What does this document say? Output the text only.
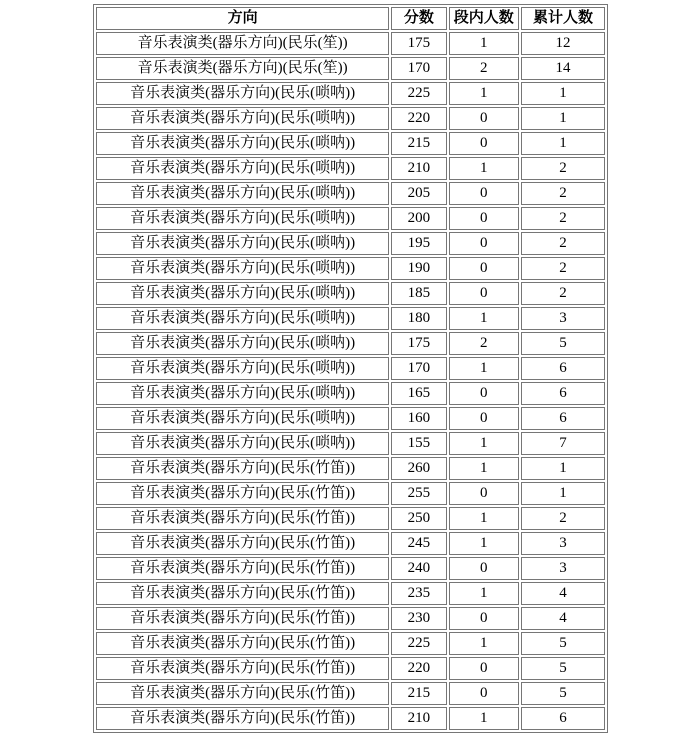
方向	分数	段内人数	累计人数
音乐表演类(器乐方向)(民乐(笙))	175	1	12
音乐表演类(器乐方向)(民乐(笙))	170	2	14
音乐表演类(器乐方向)(民乐(唢呐))	225	1	1
音乐表演类(器乐方向)(民乐(唢呐))	220	0	1
音乐表演类(器乐方向)(民乐(唢呐))	215	0	1
音乐表演类(器乐方向)(民乐(唢呐))	210	1	2
音乐表演类(器乐方向)(民乐(唢呐))	205	0	2
音乐表演类(器乐方向)(民乐(唢呐))	200	0	2
音乐表演类(器乐方向)(民乐(唢呐))	195	0	2
音乐表演类(器乐方向)(民乐(唢呐))	190	0	2
音乐表演类(器乐方向)(民乐(唢呐))	185	0	2
音乐表演类(器乐方向)(民乐(唢呐))	180	1	3
音乐表演类(器乐方向)(民乐(唢呐))	175	2	5
音乐表演类(器乐方向)(民乐(唢呐))	170	1	6
音乐表演类(器乐方向)(民乐(唢呐))	165	0	6
音乐表演类(器乐方向)(民乐(唢呐))	160	0	6
音乐表演类(器乐方向)(民乐(唢呐))	155	1	7
音乐表演类(器乐方向)(民乐(竹笛))	260	1	1
音乐表演类(器乐方向)(民乐(竹笛))	255	0	1
音乐表演类(器乐方向)(民乐(竹笛))	250	1	2
音乐表演类(器乐方向)(民乐(竹笛))	245	1	3
音乐表演类(器乐方向)(民乐(竹笛))	240	0	3
音乐表演类(器乐方向)(民乐(竹笛))	235	1	4
音乐表演类(器乐方向)(民乐(竹笛))	230	0	4
音乐表演类(器乐方向)(民乐(竹笛))	225	1	5
音乐表演类(器乐方向)(民乐(竹笛))	220	0	5
音乐表演类(器乐方向)(民乐(竹笛))	215	0	5
音乐表演类(器乐方向)(民乐(竹笛))	210	1	6
